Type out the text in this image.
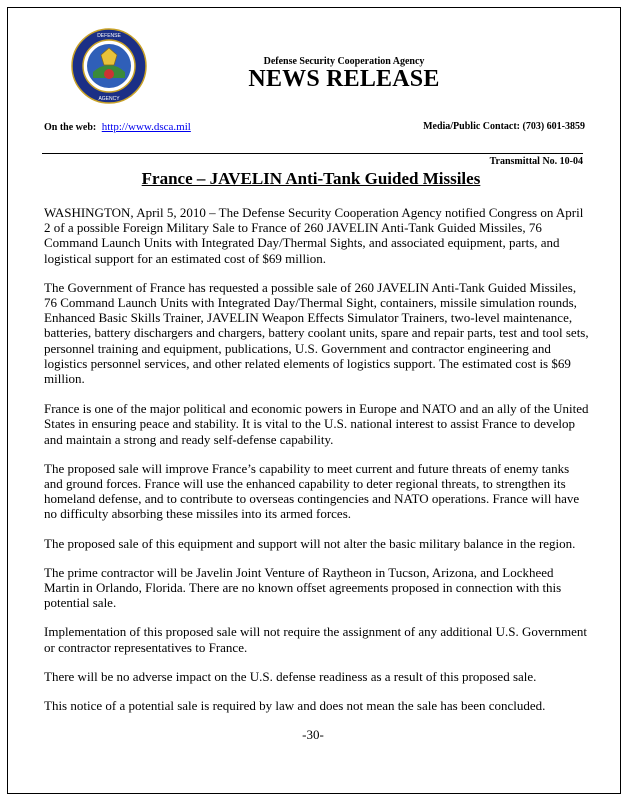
DEFENSE
AGENCY
Defense Security Cooperation Agency
NEWS RELEASE
On the web: http://www.dsca.mil	Media/Public Contact: (703) 601-3859
Transmittal No. 10-04
France – JAVELIN Anti-Tank Guided Missiles

WASHINGTON, April 5, 2010 – The Defense Security Cooperation Agency notified Congress on April 2 of a possible Foreign Military Sale to France of 260 JAVELIN Anti-Tank Guided Missiles, 76 Command Launch Units with Integrated Day/Thermal Sights, and associated equipment, parts, and logistical support for an estimated cost of $69 million.

The Government of France has requested a possible sale of 260 JAVELIN Anti-Tank Guided Missiles, 76 Command Launch Units with Integrated Day/Thermal Sight, containers, missile simulation rounds, Enhanced Basic Skills Trainer, JAVELIN Weapon Effects Simulator Trainers, two-level maintenance, batteries, battery dischargers and chargers, battery coolant units, spare and repair parts, test and tool sets, personnel training and equipment, publications, U.S. Government and contractor engineering and logistics personnel services, and other related elements of logistics support. The estimated cost is $69 million.

France is one of the major political and economic powers in Europe and NATO and an ally of the United States in ensuring peace and stability. It is vital to the U.S. national interest to assist France to develop and maintain a strong and ready self-defense capability.

The proposed sale will improve France’s capability to meet current and future threats of enemy tanks and ground forces. France will use the enhanced capability to deter regional threats, to strengthen its homeland defense, and to contribute to overseas contingencies and NATO operations. France will have no difficulty absorbing these missiles into its armed forces.

The proposed sale of this equipment and support will not alter the basic military balance in the region.

The prime contractor will be Javelin Joint Venture of Raytheon in Tucson, Arizona, and Lockheed Martin in Orlando, Florida. There are no known offset agreements proposed in connection with this potential sale.

Implementation of this proposed sale will not require the assignment of any additional U.S. Government or contractor representatives to France.

There will be no adverse impact on the U.S. defense readiness as a result of this proposed sale.

This notice of a potential sale is required by law and does not mean the sale has been concluded.

-30-
